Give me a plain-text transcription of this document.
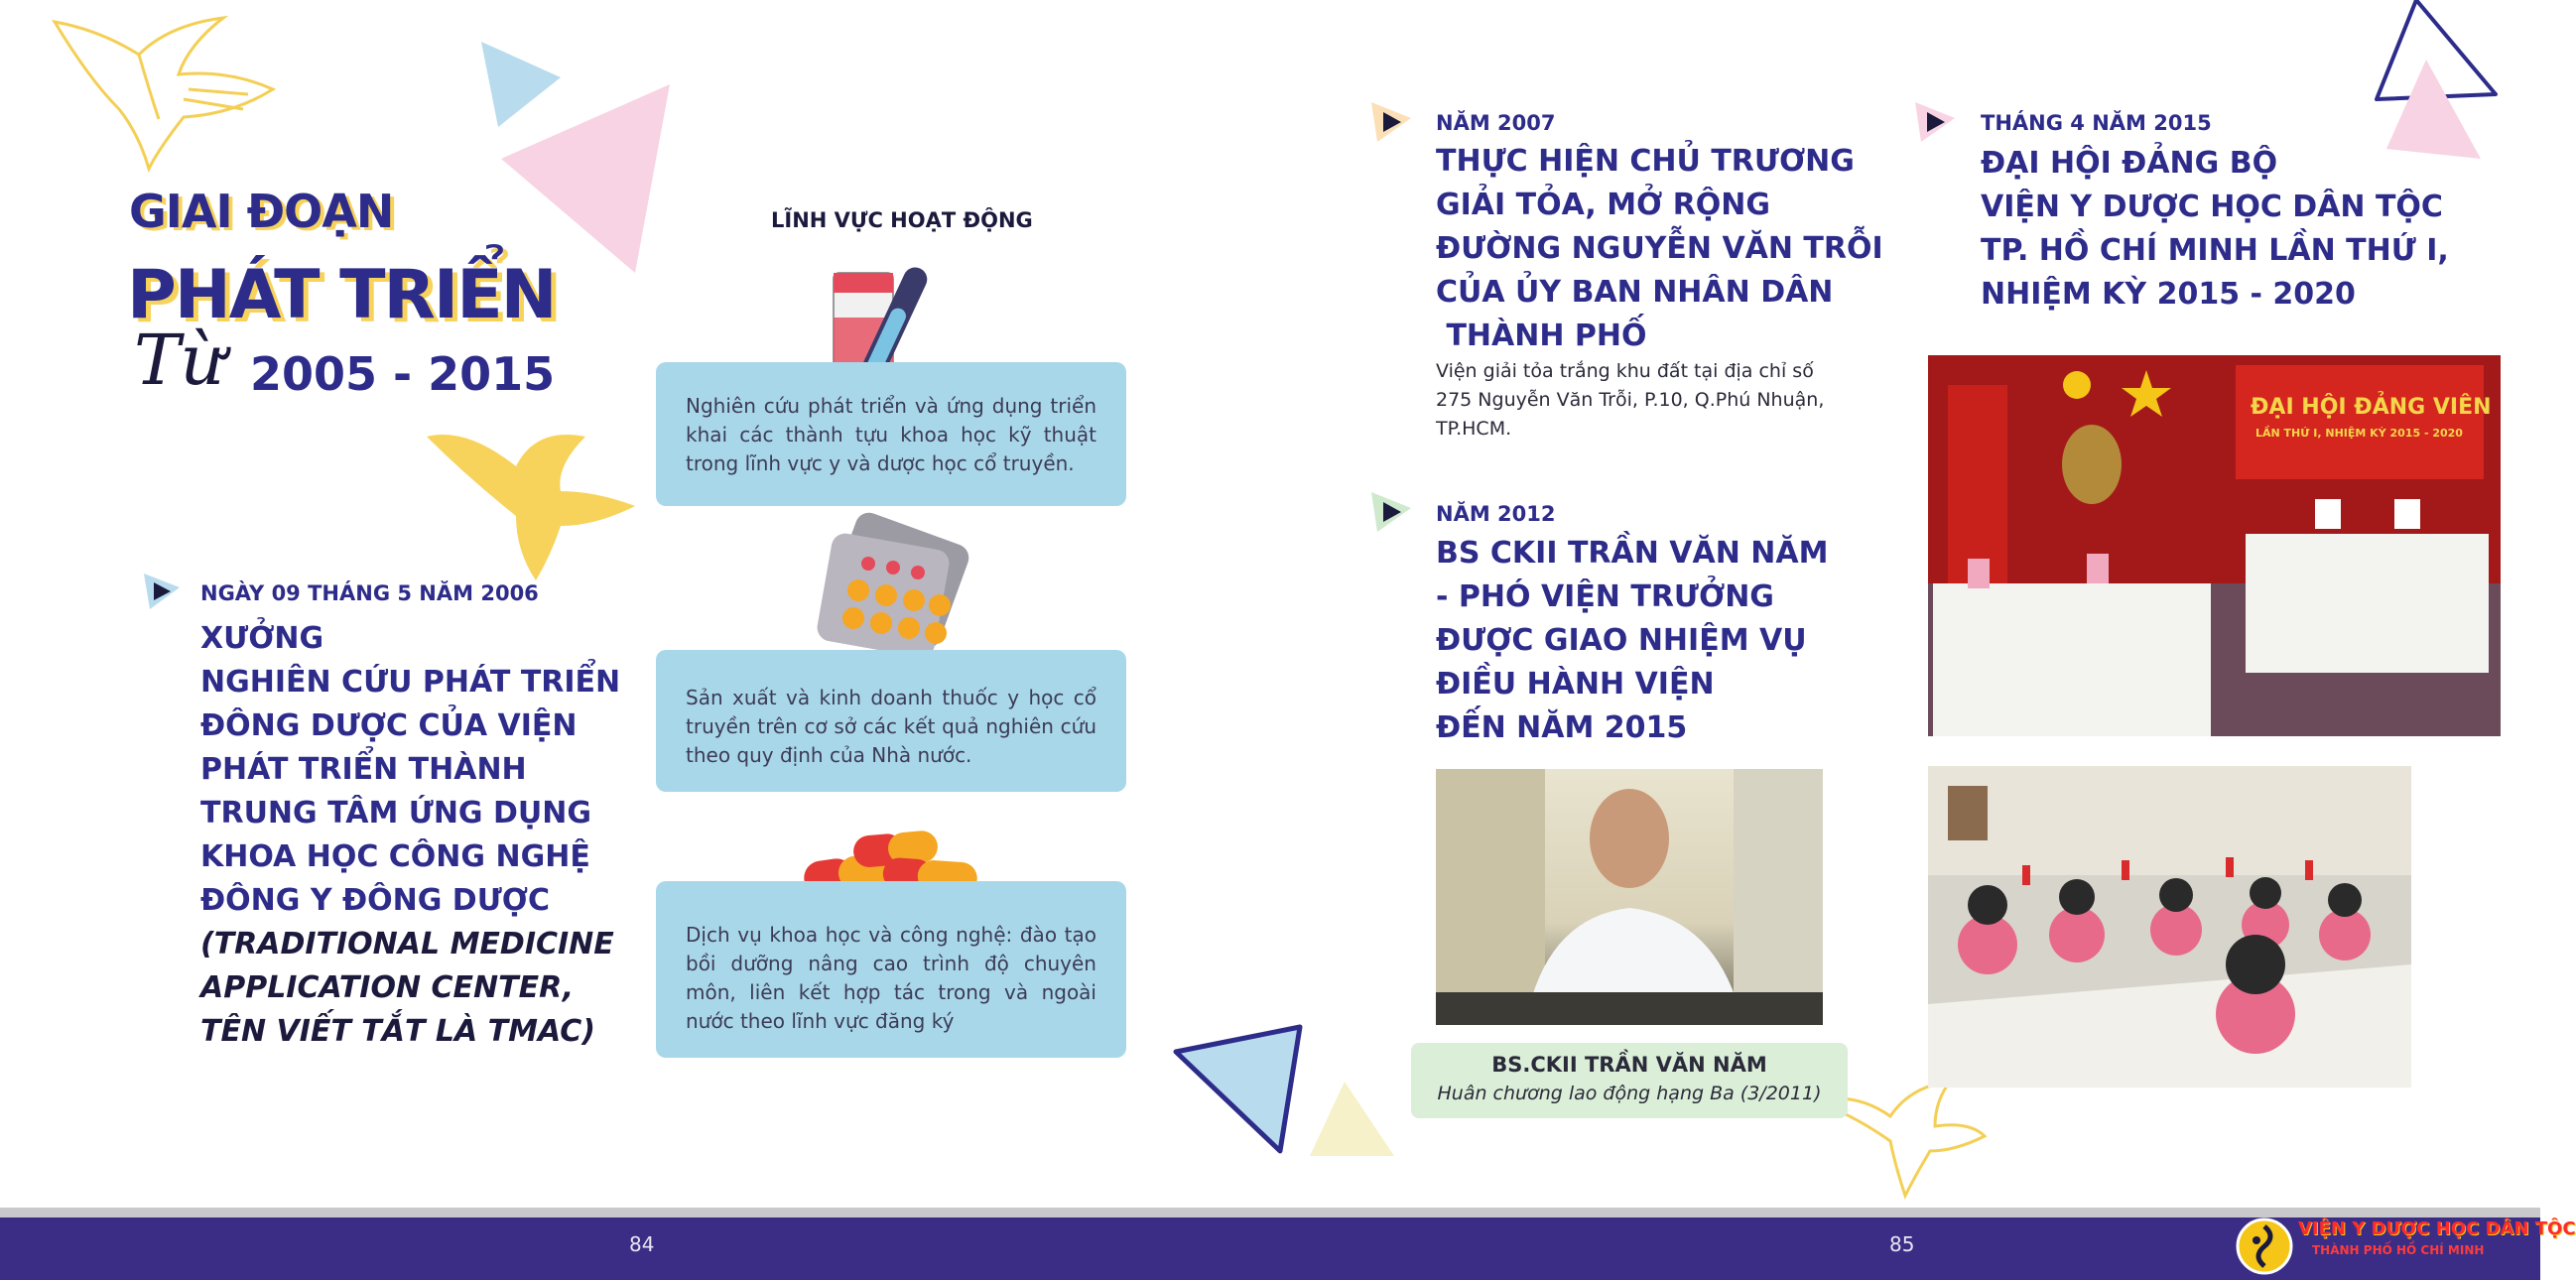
GIAI ĐOẠN
PHÁT TRIỂN
Từ 2005 - 2015
NGÀY 09 THÁNG 5 NĂM 2006
XƯỞNG
NGHIÊN CỨU PHÁT TRIỂN
ĐÔNG DƯỢC CỦA VIỆN
PHÁT TRIỂN THÀNH
TRUNG TÂM ỨNG DỤNG
KHOA HỌC CÔNG NGHỆ
ĐÔNG Y ĐÔNG DƯỢC
(TRADITIONAL MEDICINE
APPLICATION CENTER,
TÊN VIẾT TẮT LÀ TMAC)
LĨNH VỰC HOẠT ĐỘNG
Nghiên cứu phát triển và ứng dụng triển khai các thành tựu khoa học kỹ thuật trong lĩnh vực y và dược học cổ truyền.
Sản xuất và kinh doanh thuốc y học cổ truyền trên cơ sở các kết quả nghiên cứu theo quy định của Nhà nước.
Dịch vụ khoa học và công nghệ: đào tạo bồi dưỡng nâng cao trình độ chuyên môn, liên kết hợp tác trong và ngoài nước theo lĩnh vực đăng ký
NĂM 2007
THỰC HIỆN CHỦ TRƯƠNG
GIẢI TỎA, MỞ RỘNG
ĐƯỜNG NGUYỄN VĂN TRỖI
CỦA ỦY BAN NHÂN DÂN
THÀNH PHỐ
Viện giải tỏa trắng khu đất tại địa chỉ số
275 Nguyễn Văn Trỗi, P.10, Q.Phú Nhuận,
TP.HCM.
NĂM 2012
BS CKII TRẦN VĂN NĂM
- PHÓ VIỆN TRƯỞNG
ĐƯỢC GIAO NHIỆM VỤ
ĐIỀU HÀNH VIỆN
ĐẾN NĂM 2015
BS.CKII TRẦN VĂN NĂM
Huân chương lao động hạng Ba (3/2011)
THÁNG 4 NĂM 2015
ĐẠI HỘI ĐẢNG BỘ
VIỆN Y DƯỢC HỌC DÂN TỘC
TP. HỒ CHÍ MINH LẦN THỨ I,
NHIỆM KỲ 2015 - 2020
ĐẠI HỘI ĐẢNG VIÊN
LẦN THỨ I, NHIỆM KỲ 2015 - 2020
84	85
VIỆN Y DƯỢC HỌC DÂN TỘC
THÀNH PHỐ HỒ CHÍ MINH
